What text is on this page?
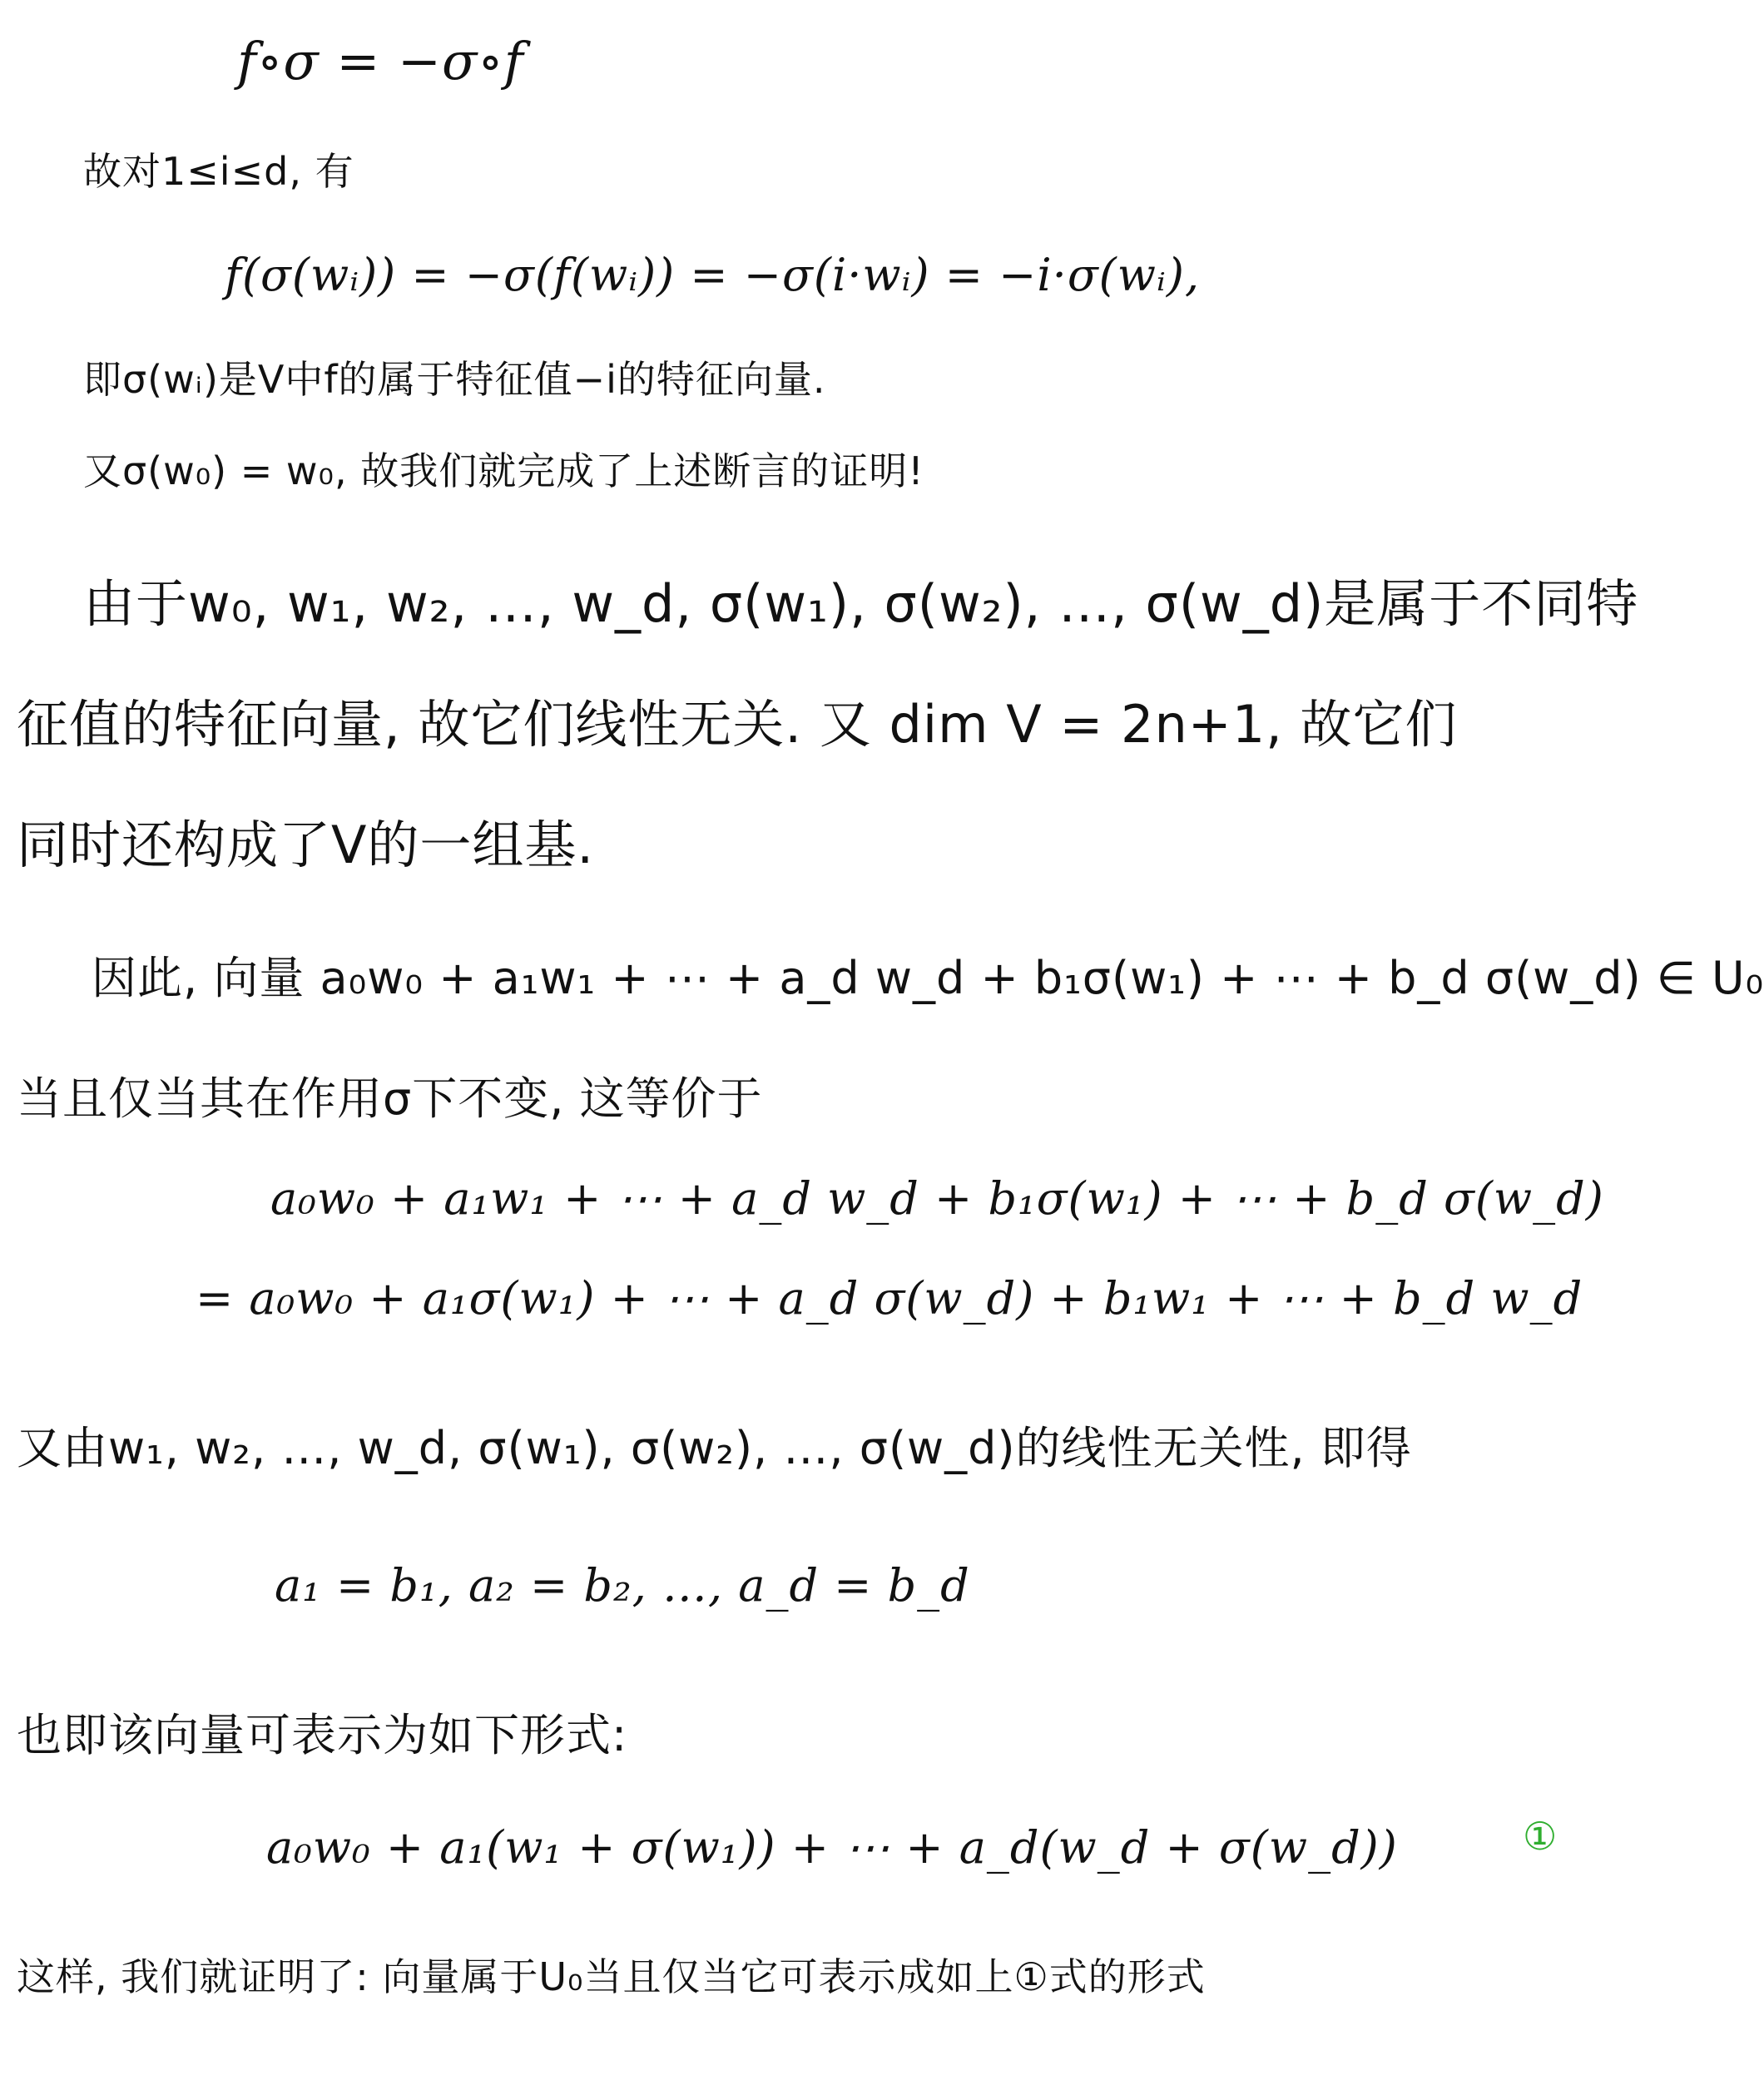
f∘σ = −σ∘f
故对1≤i≤d, 有
f(σ(wᵢ)) = −σ(f(wᵢ)) = −σ(i·wᵢ) = −i·σ(wᵢ),
即σ(wᵢ)是V中f的属于特征值−i的特征向量.
又σ(w₀) = w₀, 故我们就完成了上述断言的证明!
由于w₀, w₁, w₂, …, w_d, σ(w₁), σ(w₂), …, σ(w_d)是属于不同特
征值的特征向量, 故它们线性无关. 又 dim V = 2n+1, 故它们
同时还构成了V的一组基.
因此, 向量 a₀w₀ + a₁w₁ + ⋯ + a_d w_d + b₁σ(w₁) + ⋯ + b_d σ(w_d) ∈ U₀
当且仅当其在作用σ下不变, 这等价于
a₀w₀ + a₁w₁ + ⋯ + a_d w_d + b₁σ(w₁) + ⋯ + b_d σ(w_d)
= a₀w₀ + a₁σ(w₁) + ⋯ + a_d σ(w_d) + b₁w₁ + ⋯ + b_d w_d
又由w₁, w₂, …, w_d, σ(w₁), σ(w₂), …, σ(w_d)的线性无关性, 即得
a₁ = b₁, a₂ = b₂, …, a_d = b_d
也即该向量可表示为如下形式:
a₀w₀ + a₁(w₁ + σ(w₁)) + ⋯ + a_d(w_d + σ(w_d))	①
这样, 我们就证明了: 向量属于U₀当且仅当它可表示成如上①式的形式
